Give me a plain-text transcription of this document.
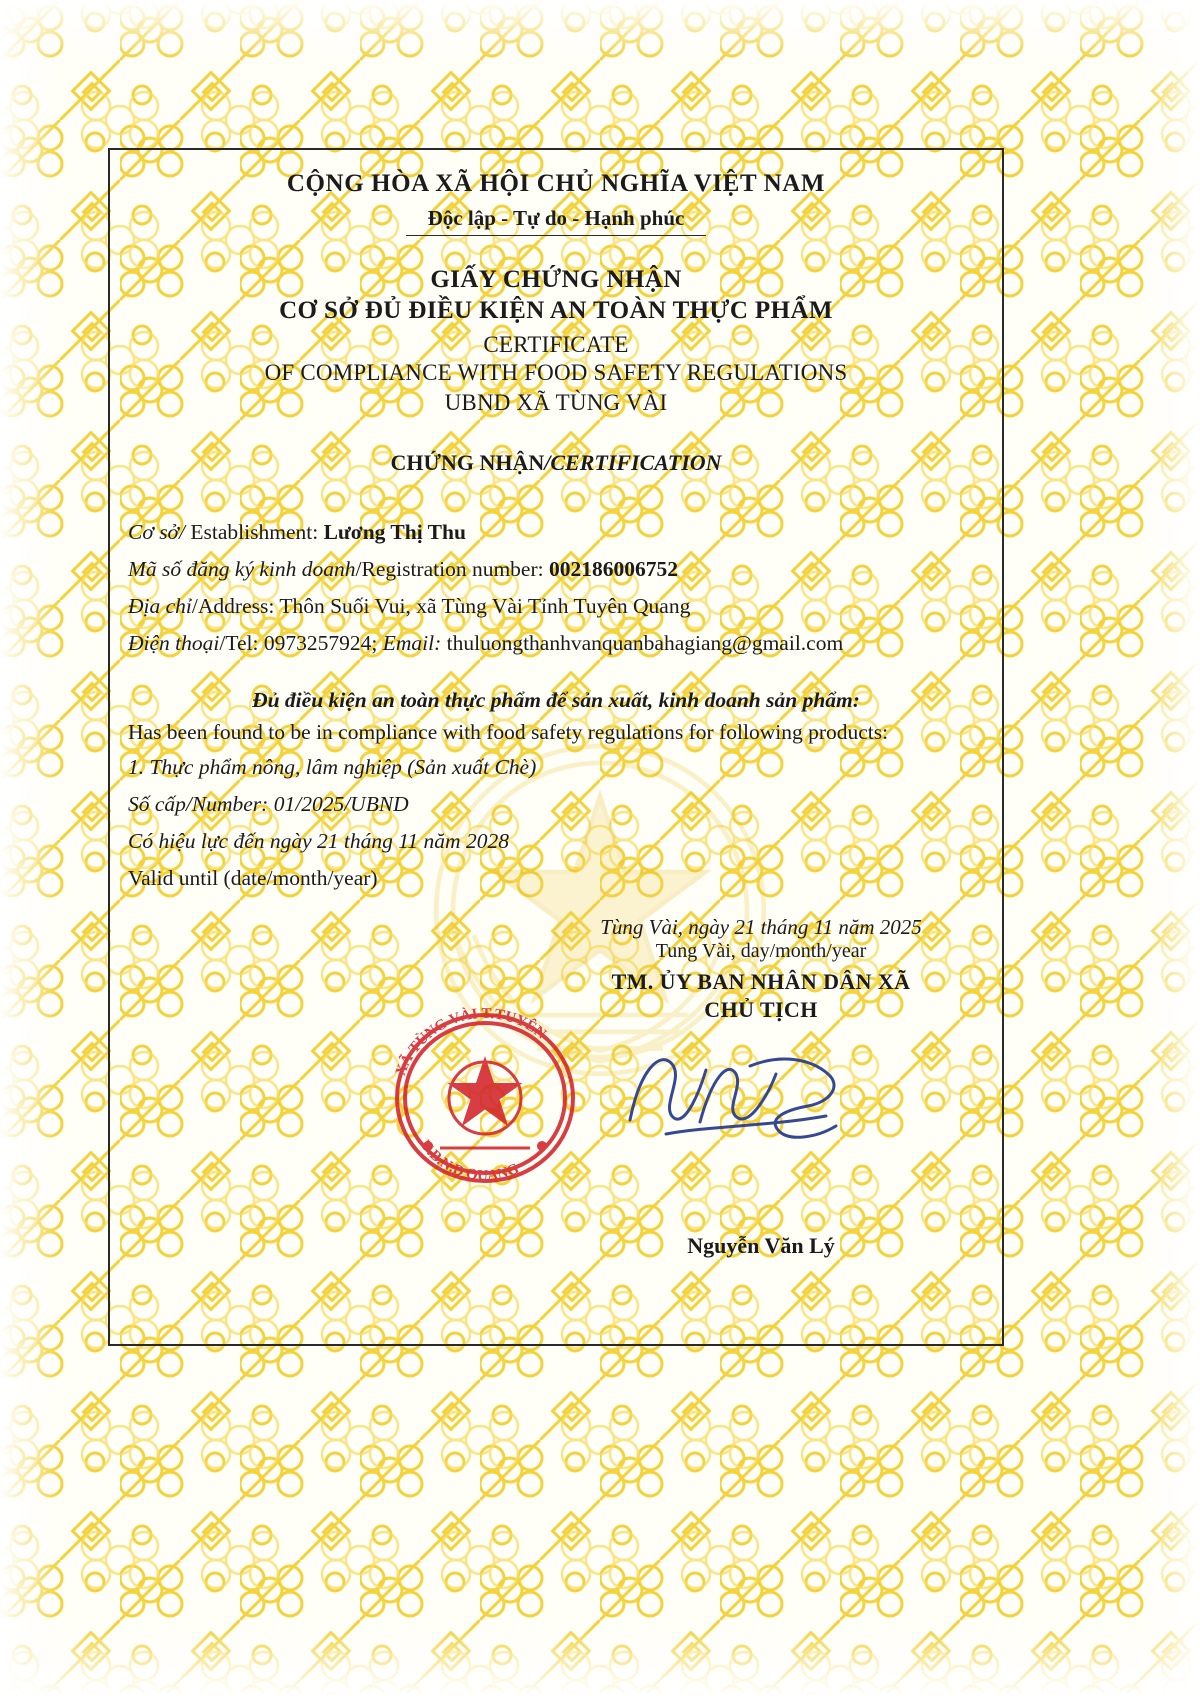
CỘNG HÒA XÃ HỘI CHỦ NGHĨA VIỆT NAM
Độc lập - Tự do - Hạnh phúc
GIẤY CHỨNG NHẬN
CƠ SỞ ĐỦ ĐIỀU KIỆN AN TOÀN THỰC PHẨM
CERTIFICATE
OF COMPLIANCE WITH FOOD SAFETY REGULATIONS
UBND XÃ TÙNG VÀI
CHỨNG NHẬN/CERTIFICATION
Cơ sở/ Establishment: Lương Thị Thu
Mã số đăng ký kinh doanh/Registration number: 002186006752
Địa chỉ/Address: Thôn Suối Vui, xã Tùng Vài Tỉnh Tuyên Quang
Điện thoại/Tel: 0973257924; Email: thuluongthanhvanquanbahagiang@gmail.com
Đủ điều kiện an toàn thực phẩm để sản xuất, kinh doanh sản phẩm:
Has been found to be in compliance with food safety regulations for following products:
1. Thực phẩm nông, lâm nghiệp (Sản xuất Chè)
Số cấp/Number: 01/2025/UBND
Có hiệu lực đến ngày 21 tháng 11 năm 2028
Valid until (date/month/year)
Tùng Vài, ngày 21 tháng 11 năm 2025
Tung Vài, day/month/year
TM. ỦY BAN NHÂN DÂN XÃ
CHỦ TỊCH
Nguyễn Văn Lý
XÃ TÙNG VÀI T.TUYÊN
U.B.N.D QUANG
